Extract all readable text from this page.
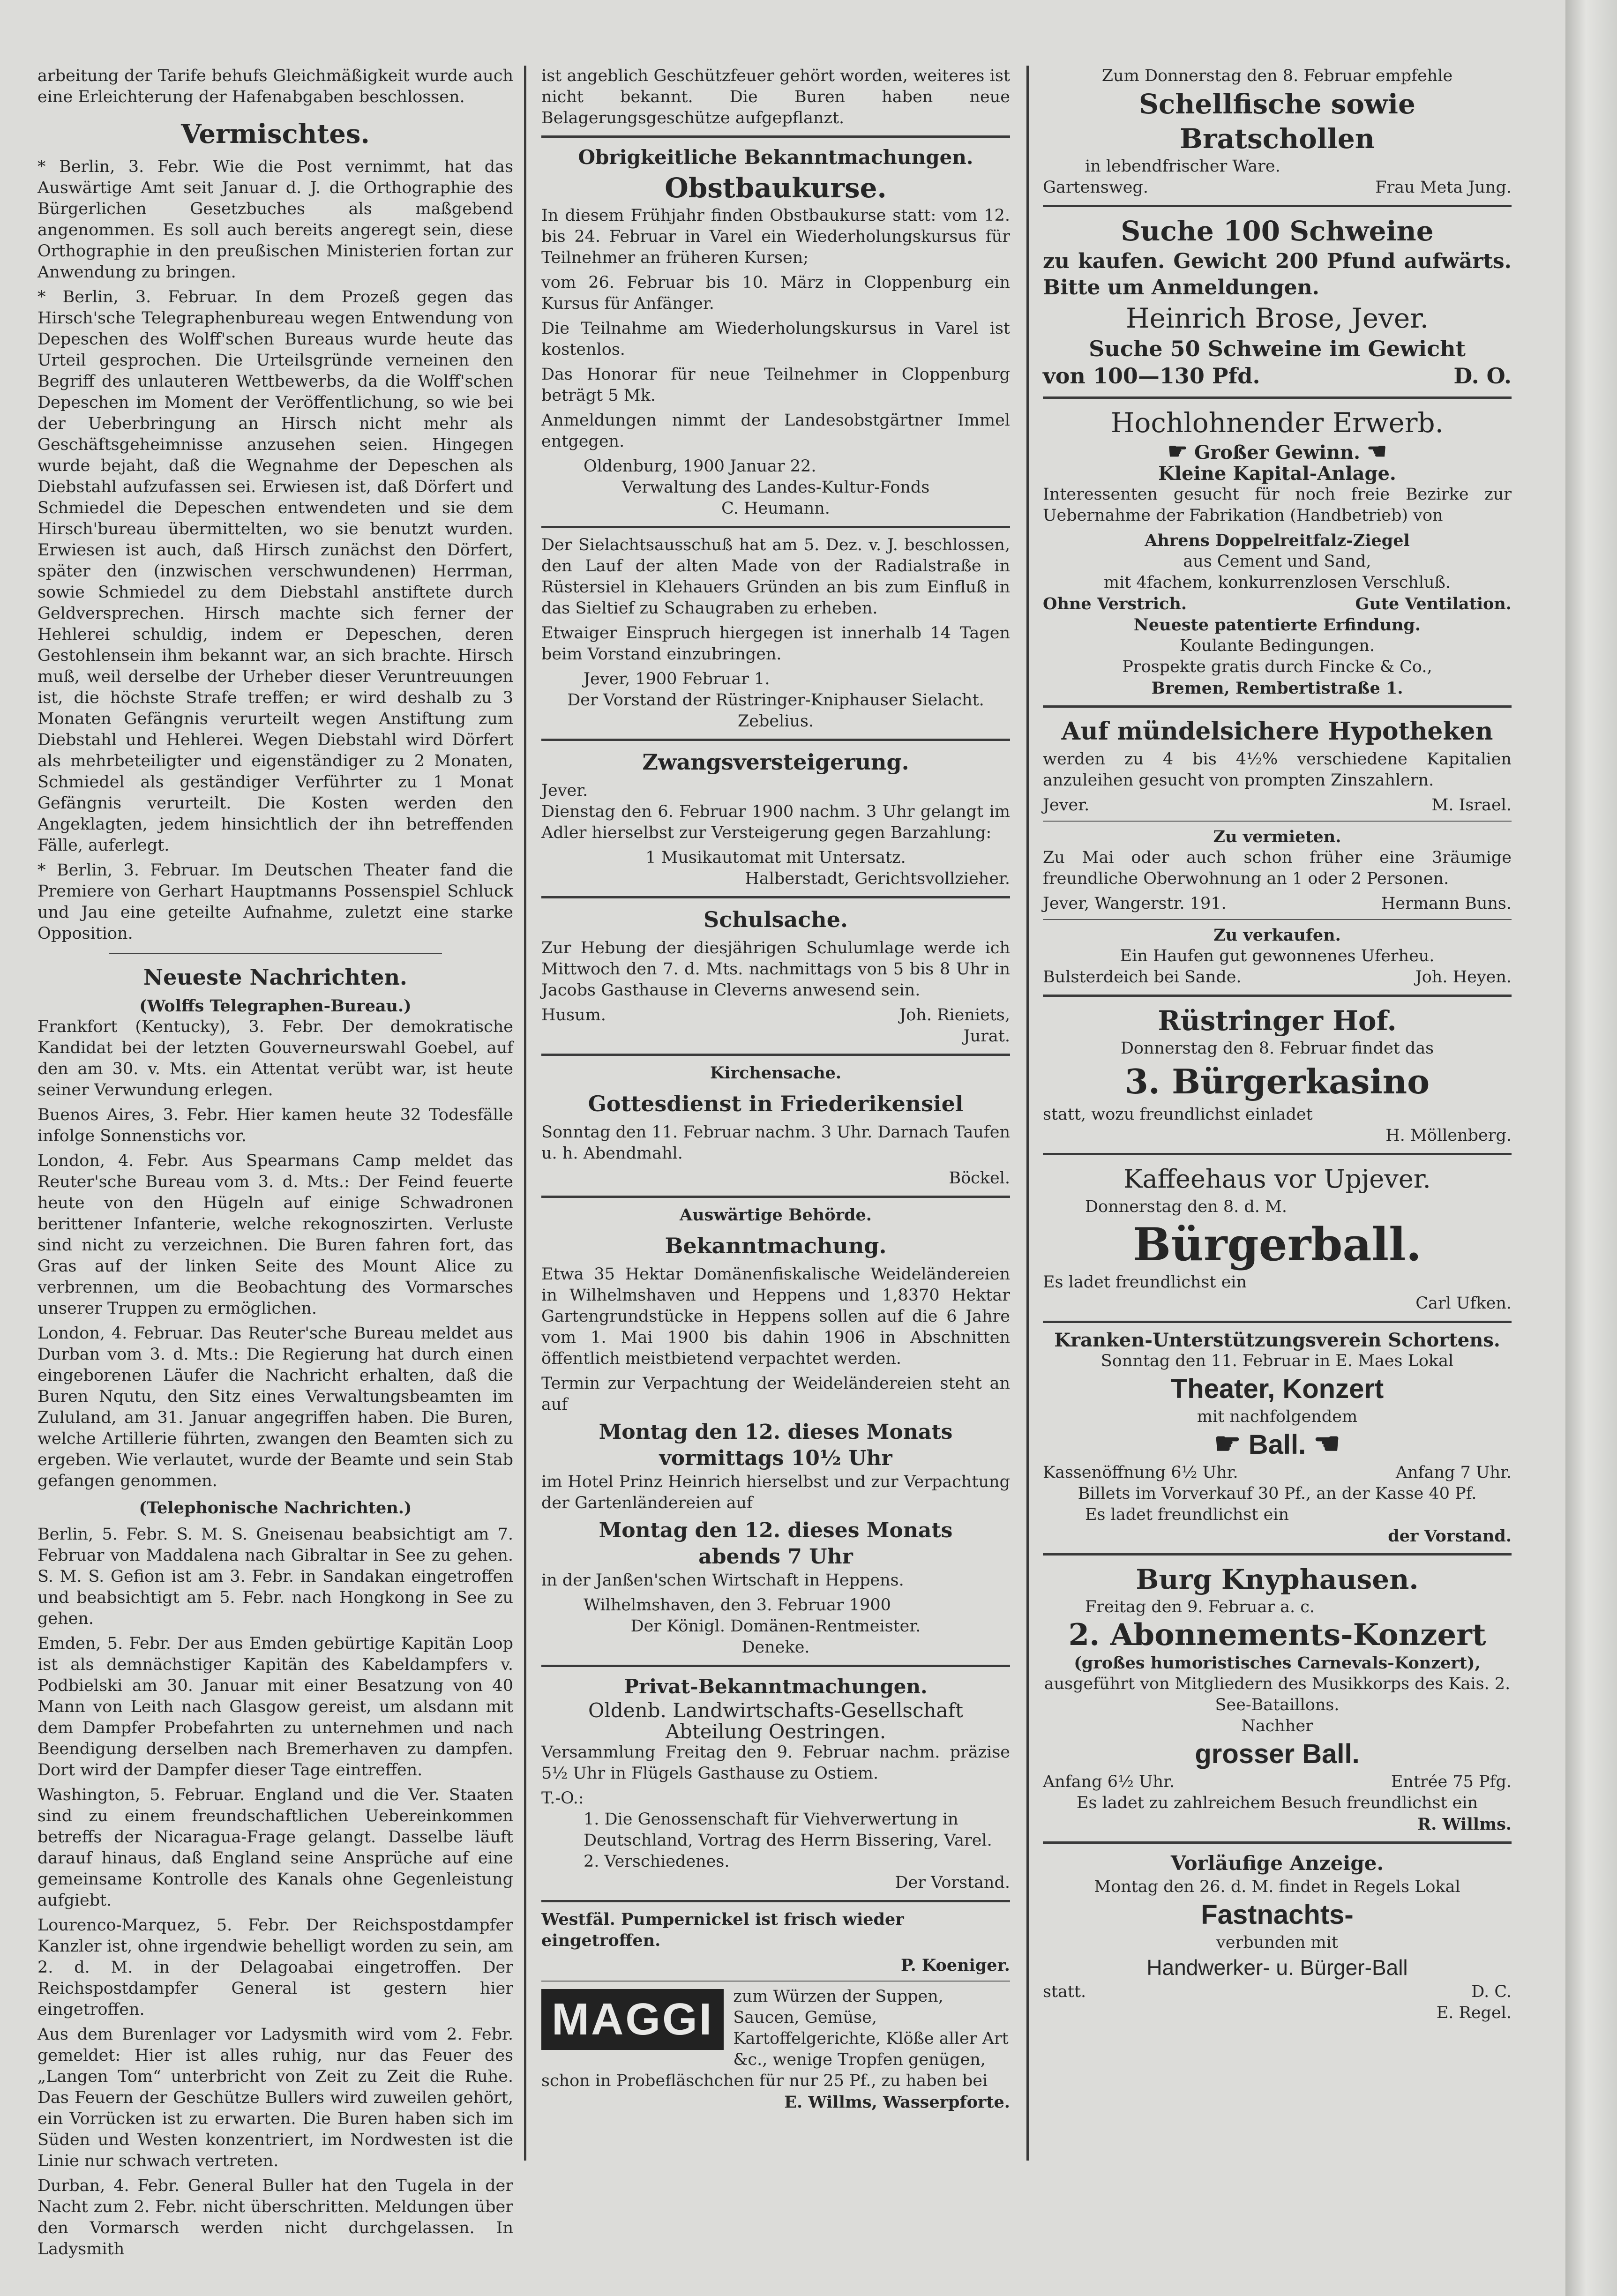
arbeitung der Tarife behufs Gleichmäßigkeit wurde auch eine Erleichterung der Hafenabgaben beschlossen.
Vermischtes.
* Berlin, 3. Febr. Wie die Post vernimmt, hat das Auswärtige Amt seit Januar d. J. die Orthographie des Bürgerlichen Gesetzbuches als maßgebend angenommen. Es soll auch bereits angeregt sein, diese Orthographie in den preußischen Ministerien fortan zur Anwendung zu bringen.
* Berlin, 3. Februar. In dem Prozeß gegen das Hirsch'sche Telegraphenbureau wegen Entwendung von Depeschen des Wolff'schen Bureaus wurde heute das Urteil gesprochen. Die Urteilsgründe verneinen den Begriff des unlauteren Wettbewerbs, da die Wolff'schen Depeschen im Moment der Veröffentlichung, so wie bei der Ueberbringung an Hirsch nicht mehr als Geschäftsgeheimnisse anzusehen seien. Hingegen wurde bejaht, daß die Wegnahme der Depeschen als Diebstahl aufzufassen sei. Erwiesen ist, daß Dörfert und Schmiedel die Depeschen entwendeten und sie dem Hirsch'bureau übermittelten, wo sie benutzt wurden. Erwiesen ist auch, daß Hirsch zunächst den Dörfert, später den (inzwischen verschwundenen) Herrman, sowie Schmiedel zu dem Diebstahl anstiftete durch Geldversprechen. Hirsch machte sich ferner der Hehlerei schuldig, indem er Depeschen, deren Gestohlensein ihm bekannt war, an sich brachte. Hirsch muß, weil derselbe der Urheber dieser Veruntreuungen ist, die höchste Strafe treffen; er wird deshalb zu 3 Monaten Gefängnis verurteilt wegen Anstiftung zum Diebstahl und Hehlerei. Wegen Diebstahl wird Dörfert als mehrbeteiligter und eigenständiger zu 2 Monaten, Schmiedel als geständiger Verführter zu 1 Monat Gefängnis verurteilt. Die Kosten werden den Angeklagten, jedem hinsichtlich der ihn betreffenden Fälle, auferlegt.
* Berlin, 3. Februar. Im Deutschen Theater fand die Premiere von Gerhart Hauptmanns Possenspiel Schluck und Jau eine geteilte Aufnahme, zuletzt eine starke Opposition.
Neueste Nachrichten.
(Wolffs Telegraphen-Bureau.)
Frankfort (Kentucky), 3. Febr. Der demokratische Kandidat bei der letzten Gouverneurswahl Goebel, auf den am 30. v. Mts. ein Attentat verübt war, ist heute seiner Verwundung erlegen.
Buenos Aires, 3. Febr. Hier kamen heute 32 Todesfälle infolge Sonnenstichs vor.
London, 4. Febr. Aus Spearmans Camp meldet das Reuter'sche Bureau vom 3. d. Mts.: Der Feind feuerte heute von den Hügeln auf einige Schwadronen berittener Infanterie, welche rekognoszirten. Verluste sind nicht zu verzeichnen. Die Buren fahren fort, das Gras auf der linken Seite des Mount Alice zu verbrennen, um die Beobachtung des Vormarsches unserer Truppen zu ermöglichen.
London, 4. Februar. Das Reuter'sche Bureau meldet aus Durban vom 3. d. Mts.: Die Regierung hat durch einen eingeborenen Läufer die Nachricht erhalten, daß die Buren Nqutu, den Sitz eines Verwaltungsbeamten im Zululand, am 31. Januar angegriffen haben. Die Buren, welche Artillerie führten, zwangen den Beamten sich zu ergeben. Wie verlautet, wurde der Beamte und sein Stab gefangen genommen.
(Telephonische Nachrichten.)
Berlin, 5. Febr. S. M. S. Gneisenau beabsichtigt am 7. Februar von Maddalena nach Gibraltar in See zu gehen. S. M. S. Gefion ist am 3. Febr. in Sandakan eingetroffen und beabsichtigt am 5. Febr. nach Hongkong in See zu gehen.
Emden, 5. Febr. Der aus Emden gebürtige Kapitän Loop ist als demnächstiger Kapitän des Kabeldampfers v. Podbielski am 30. Januar mit einer Besatzung von 40 Mann von Leith nach Glasgow gereist, um alsdann mit dem Dampfer Probefahrten zu unternehmen und nach Beendigung derselben nach Bremerhaven zu dampfen. Dort wird der Dampfer dieser Tage eintreffen.
Washington, 5. Februar. England und die Ver. Staaten sind zu einem freundschaftlichen Uebereinkommen betreffs der Nicaragua-Frage gelangt. Dasselbe läuft darauf hinaus, daß England seine Ansprüche auf eine gemeinsame Kontrolle des Kanals ohne Gegenleistung aufgiebt.
Lourenco-Marquez, 5. Febr. Der Reichspostdampfer Kanzler ist, ohne irgendwie behelligt worden zu sein, am 2. d. M. in der Delagoabai eingetroffen. Der Reichspostdampfer General ist gestern hier eingetroffen.
Aus dem Burenlager vor Ladysmith wird vom 2. Febr. gemeldet: Hier ist alles ruhig, nur das Feuer des „Langen Tom“ unterbricht von Zeit zu Zeit die Ruhe. Das Feuern der Geschütze Bullers wird zuweilen gehört, ein Vorrücken ist zu erwarten. Die Buren haben sich im Süden und Westen konzentriert, im Nordwesten ist die Linie nur schwach vertreten.
Durban, 4. Febr. General Buller hat den Tugela in der Nacht zum 2. Febr. nicht überschritten. Meldungen über den Vormarsch werden nicht durchgelassen. In Ladysmith
ist angeblich Geschützfeuer gehört worden, weiteres ist nicht bekannt. Die Buren haben neue Belagerungsgeschütze aufgepflanzt.
Obrigkeitliche Bekanntmachungen.
Obstbaukurse.
In diesem Frühjahr finden Obstbaukurse statt: vom 12. bis 24. Februar in Varel ein Wiederholungskursus für Teilnehmer an früheren Kursen;
vom 26. Februar bis 10. März in Cloppenburg ein Kursus für Anfänger.
Die Teilnahme am Wiederholungskursus in Varel ist kostenlos.
Das Honorar für neue Teilnehmer in Cloppenburg beträgt 5 Mk.
Anmeldungen nimmt der Landesobstgärtner Immel entgegen.
Oldenburg, 1900 Januar 22.
Verwaltung des Landes-Kultur-Fonds
C. Heumann.
Der Sielachtsausschuß hat am 5. Dez. v. J. beschlossen, den Lauf der alten Made von der Radialstraße in Rüstersiel in Klehauers Gründen an bis zum Einfluß in das Sieltief zu Schaugraben zu erheben.
Etwaiger Einspruch hiergegen ist innerhalb 14 Tagen beim Vorstand einzubringen.
Jever, 1900 Februar 1.
Der Vorstand der Rüstringer-Kniphauser Sielacht.
Zebelius.
Zwangsversteigerung.
Jever.
Dienstag den 6. Februar 1900 nachm. 3 Uhr gelangt im Adler hierselbst zur Versteigerung gegen Barzahlung:
1 Musikautomat mit Untersatz.
Halberstadt, Gerichtsvollzieher.
Schulsache.
Zur Hebung der diesjährigen Schulumlage werde ich Mittwoch den 7. d. Mts. nachmittags von 5 bis 8 Uhr in Jacobs Gasthause in Cleverns anwesend sein.
Husum.	Joh. Rieniets,
Jurat.
Kirchensache.
Gottesdienst in Friederikensiel
Sonntag den 11. Februar nachm. 3 Uhr. Darnach Taufen u. h. Abendmahl.
Böckel.
Auswärtige Behörde.
Bekanntmachung.
Etwa 35 Hektar Domänenfiskalische Weideländereien in Wilhelmshaven und Heppens und 1,8370 Hektar Gartengrundstücke in Heppens sollen auf die 6 Jahre vom 1. Mai 1900 bis dahin 1906 in Abschnitten öffentlich meistbietend verpachtet werden.
Termin zur Verpachtung der Weideländereien steht an auf
Montag den 12. dieses Monats
vormittags 10½ Uhr
im Hotel Prinz Heinrich hierselbst und zur Verpachtung der Gartenländereien auf
Montag den 12. dieses Monats
abends 7 Uhr
in der Janßen'schen Wirtschaft in Heppens.
Wilhelmshaven, den 3. Februar 1900
Der Königl. Domänen-Rentmeister.
Deneke.
Privat-Bekanntmachungen.
Oldenb. Landwirtschafts-Gesellschaft
Abteilung Oestringen.
Versammlung Freitag den 9. Februar nachm. präzise 5½ Uhr in Flügels Gasthause zu Ostiem.
T.-O.:
1. Die Genossenschaft für Viehverwertung in Deutschland, Vortrag des Herrn Bissering, Varel.
2. Verschiedenes.
Der Vorstand.
Westfäl. Pumpernickel ist frisch wieder eingetroffen.
P. Koeniger.
MAGGI	zum Würzen der Suppen, Saucen, Gemüse, Kartoffelgerichte, Klöße aller Art &c., wenige Tropfen genügen, schon in Probefläschchen für nur 25 Pf., zu haben bei
E. Willms, Wasserpforte.
Zum Donnerstag den 8. Februar empfehle
Schellfische sowie
Bratschollen
in lebendfrischer Ware.
Gartensweg.	Frau Meta Jung.
Suche 100 Schweine
zu kaufen. Gewicht 200 Pfund aufwärts. Bitte um Anmeldungen.
Heinrich Brose, Jever.
Suche 50 Schweine im Gewicht
von 100—130 Pfd.	D. O.
Hochlohnender Erwerb.
☛ Großer Gewinn. ☚
Kleine Kapital-Anlage.
Interessenten gesucht für noch freie Bezirke zur Uebernahme der Fabrikation (Handbetrieb) von
Ahrens Doppelreitfalz-Ziegel
aus Cement und Sand,
mit 4fachem, konkurrenzlosen Verschluß.
Ohne Verstrich.	Gute Ventilation.
Neueste patentierte Erfindung.
Koulante Bedingungen.
Prospekte gratis durch Fincke & Co.,
Bremen, Rembertistraße 1.
Auf mündelsichere Hypotheken
werden zu 4 bis 4½% verschiedene Kapitalien anzuleihen gesucht von prompten Zinszahlern.
Jever.	M. Israel.
Zu vermieten.
Zu Mai oder auch schon früher eine 3räumige freundliche Oberwohnung an 1 oder 2 Personen.
Jever, Wangerstr. 191.	Hermann Buns.
Zu verkaufen.
Ein Haufen gut gewonnenes Uferheu.
Bulsterdeich bei Sande.	Joh. Heyen.
Rüstringer Hof.
Donnerstag den 8. Februar findet das
3. Bürgerkasino
statt, wozu freundlichst einladet
H. Möllenberg.
Kaffeehaus vor Upjever.
Donnerstag den 8. d. M.
Bürgerball.
Es ladet freundlichst ein
Carl Ufken.
Kranken-Unterstützungsverein Schortens.
Sonntag den 11. Februar in E. Maes Lokal
Theater, Konzert
mit nachfolgendem
☛ Ball. ☚
Kassenöffnung 6½ Uhr.	Anfang 7 Uhr.
Billets im Vorverkauf 30 Pf., an der Kasse 40 Pf.
Es ladet freundlichst ein
der Vorstand.
Burg Knyphausen.
Freitag den 9. Februar a. c.
2. Abonnements-Konzert
(großes humoristisches Carnevals-Konzert),
ausgeführt von Mitgliedern des Musikkorps des Kais. 2. See-Bataillons.
Nachher
grosser Ball.
Anfang 6½ Uhr.	Entrée 75 Pfg.
Es ladet zu zahlreichem Besuch freundlichst ein
R. Willms.
Vorläufige Anzeige.
Montag den 26. d. M. findet in Regels Lokal
Fastnachts-
verbunden mit
Handwerker- u. Bürger-Ball
statt.	D. C.
E. Regel.
